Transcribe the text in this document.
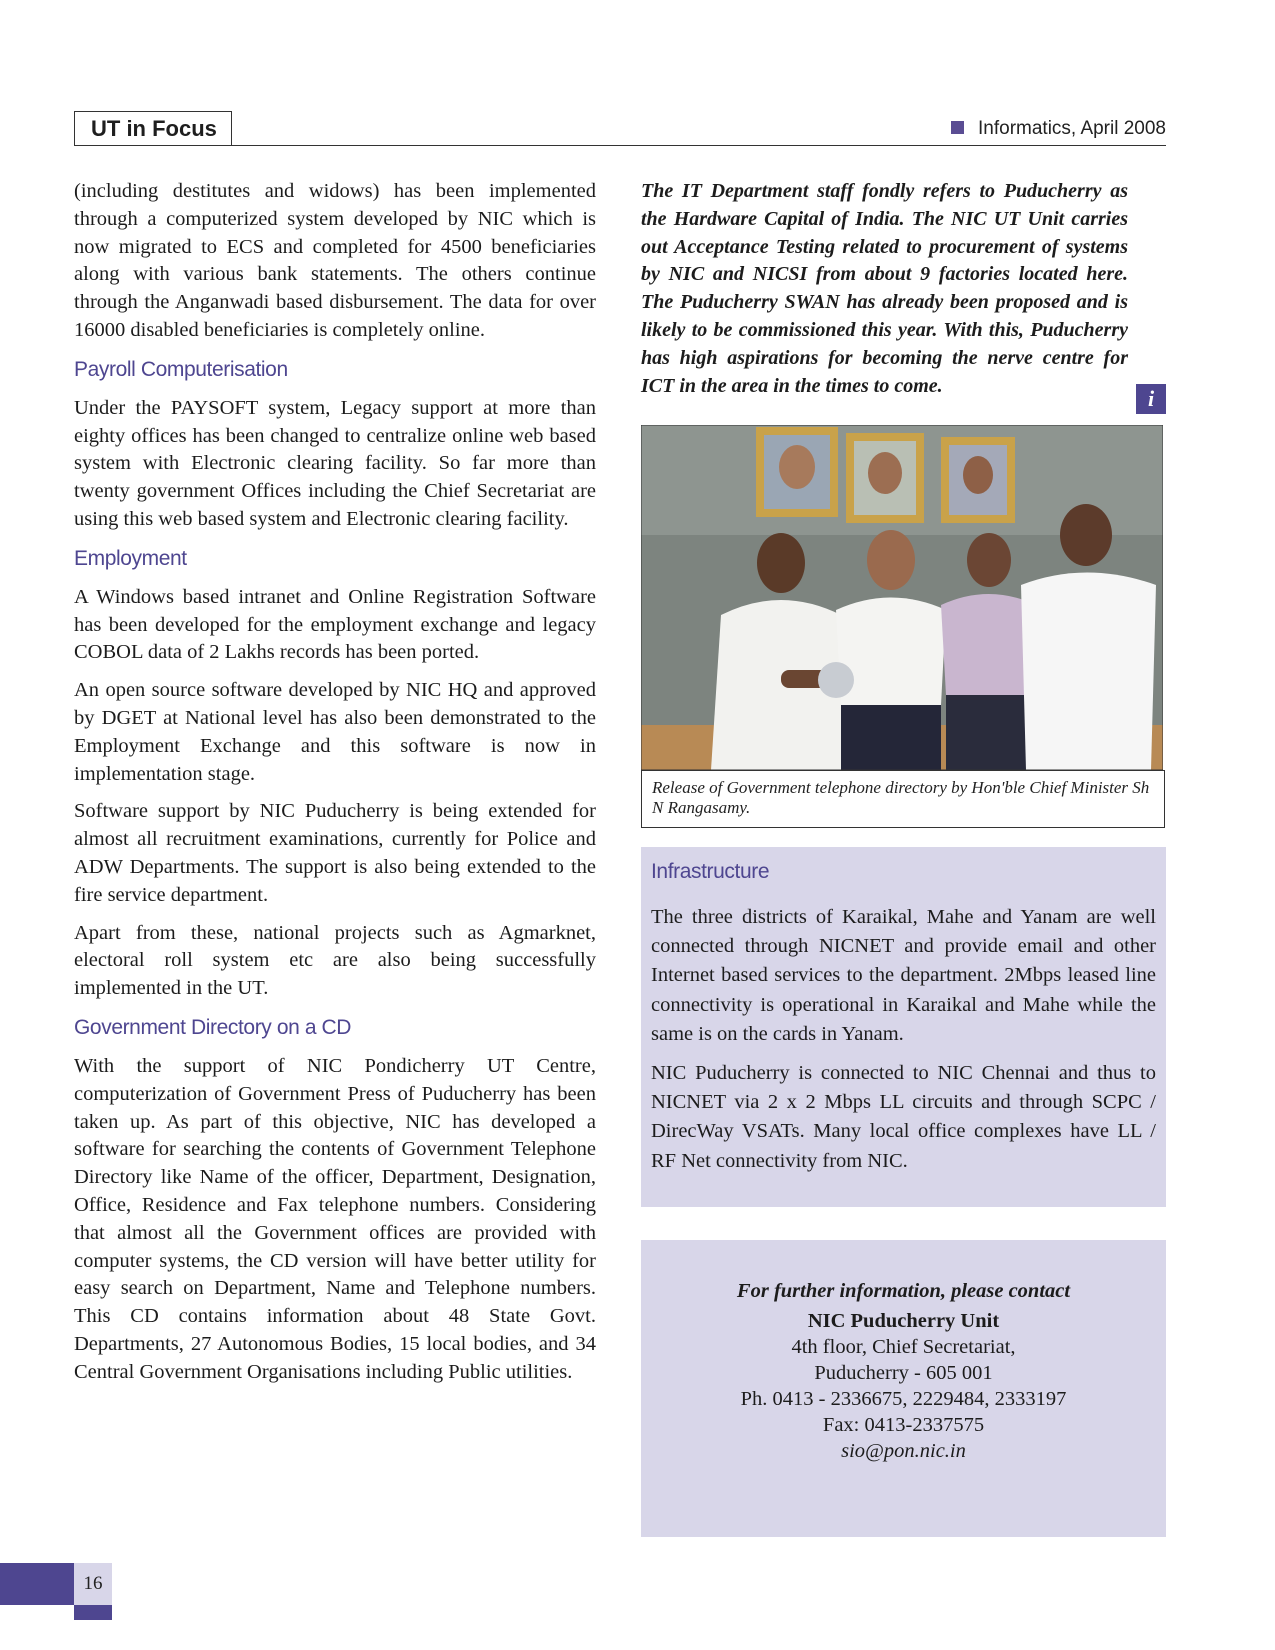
UT in Focus	Informatics, April 2008

(including destitutes and widows) has been implemented through a computerized system developed by NIC which is now migrated to ECS and completed for 4500 beneficiaries along with various bank statements. The others continue through the Anganwadi based disbursement. The data for over 16000 disabled beneficiaries is completely online.

Payroll Computerisation

Under the PAYSOFT system, Legacy support at more than eighty offices has been changed to centralize online web based system with Electronic clearing facility. So far more than twenty government Offices including the Chief Secretariat are using this web based system and Electronic clearing facility.

Employment

A Windows based intranet and Online Registration Software has been developed for the employment exchange and legacy COBOL data of 2 Lakhs records has been ported.

An open source software developed by NIC HQ and approved by DGET at National level has also been demonstrated to the Employment Exchange and this software is now in implementation stage.

Software support by NIC Puducherry is being extended for almost all recruitment examinations, currently for Police and ADW Departments. The support is also being extended to the fire service department.

Apart from these, national projects such as Agmarknet, electoral roll system etc are also being successfully implemented in the UT.

Government Directory on a CD

With the support of NIC Pondicherry UT Centre, computerization of Government Press of Puducherry has been taken up. As part of this objective, NIC has developed a software for searching the contents of Government Telephone Directory like Name of the officer, Department, Designation, Office, Residence and Fax telephone numbers. Considering that almost all the Government offices are provided with computer systems, the CD version will have better utility for easy search on Department, Name and Telephone numbers. This CD contains information about 48 State Govt. Departments, 27 Autonomous Bodies, 15 local bodies, and 34 Central Government Organisations including Public utilities.

The IT Department staff fondly refers to Puducherry as the Hardware Capital of India. The NIC UT Unit carries out Acceptance Testing related to procurement of systems by NIC and NICSI from about 9 factories located here. The Puducherry SWAN has already been proposed and is likely to be commissioned this year. With this, Puducherry has high aspirations for becoming the nerve centre for ICT in the area in the times to come.

i
Release of Government telephone directory by Hon'ble Chief Minister Sh N Rangasamy.
Infrastructure

The three districts of Karaikal, Mahe and Yanam are well connected through NICNET and provide email and other Internet based services to the department. 2Mbps leased line connectivity is operational in Karaikal and Mahe while the same is on the cards in Yanam.

NIC Puducherry is connected to NIC Chennai and thus to NICNET via 2 x 2 Mbps LL circuits and through SCPC / DirecWay VSATs. Many local office complexes have LL / RF Net connectivity from NIC.

For further information, please contact
NIC Puducherry Unit
4th floor, Chief Secretariat,
Puducherry - 605 001
Ph. 0413 - 2336675, 2229484, 2333197
Fax: 0413-2337575
sio@pon.nic.in
16
